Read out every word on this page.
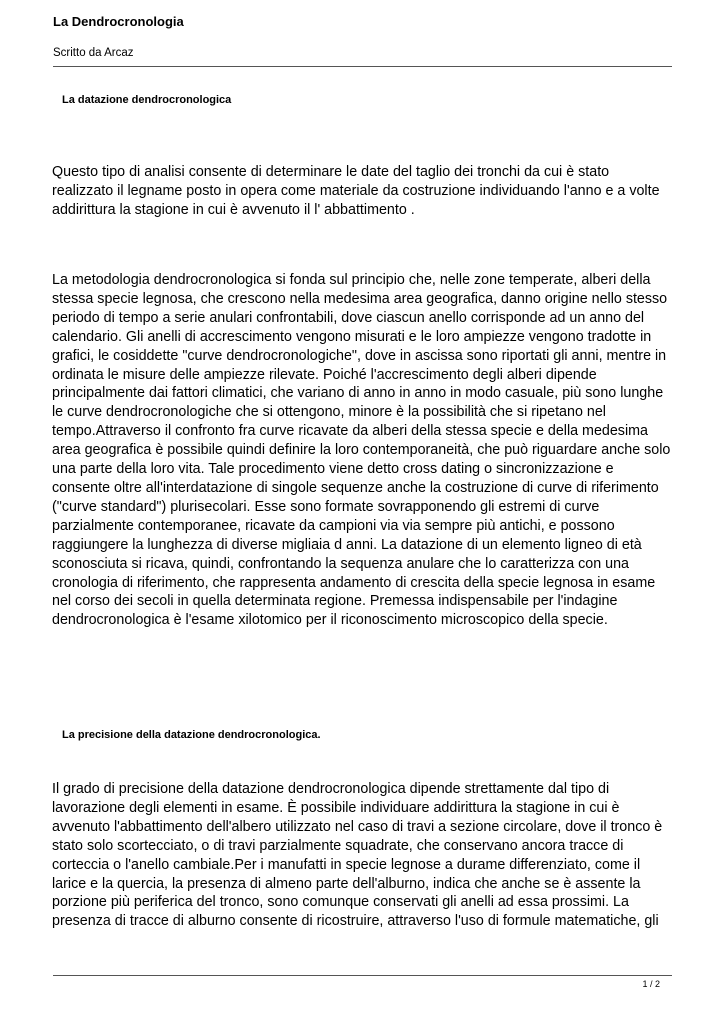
La Dendrocronologia
Scritto da Arcaz
La datazione dendrocronologica

Questo tipo di analisi consente di determinare le date del taglio dei tronchi da cui è stato realizzato il legname posto in opera come materiale da costruzione individuando l'anno e a volte addirittura la stagione in cui è avvenuto il l' abbattimento .

La metodologia dendrocronologica si fonda sul principio che, nelle zone temperate, alberi della stessa specie legnosa, che crescono nella medesima area geografica, danno origine nello stesso periodo di tempo a serie anulari confrontabili, dove ciascun anello corrisponde ad un anno del calendario. Gli anelli di accrescimento vengono misurati e le loro ampiezze vengono tradotte in grafici, le cosiddette "curve dendrocronologiche", dove in ascissa sono riportati gli anni, mentre in ordinata le misure delle ampiezze rilevate. Poiché l'accrescimento degli alberi dipende principalmente dai fattori climatici, che variano di anno in anno in modo casuale, più sono lunghe le curve dendrocronologiche che si ottengono, minore è la possibilità che si ripetano nel tempo.Attraverso il confronto fra curve ricavate da alberi della stessa specie e della medesima area geografica è possibile quindi definire la loro contemporaneità, che può riguardare anche solo una parte della loro vita. Tale procedimento viene detto cross dating o sincronizzazione e consente oltre all'interdatazione di singole sequenze anche la costruzione di curve di riferimento ("curve standard") plurisecolari. Esse sono formate sovrapponendo gli estremi di curve parzialmente contemporanee, ricavate da campioni via via sempre più antichi, e possono raggiungere la lunghezza di diverse migliaia d anni. La datazione di un elemento ligneo di età sconosciuta si ricava, quindi, confrontando la sequenza anulare che lo caratterizza con una cronologia di riferimento, che rappresenta andamento di crescita della specie legnosa in esame nel corso dei secoli in quella determinata regione. Premessa indispensabile per l'indagine dendrocronologica è l'esame xilotomico per il riconoscimento microscopico della specie.

La precisione della datazione dendrocronologica.

Il grado di precisione della datazione dendrocronologica dipende strettamente dal tipo di lavorazione degli elementi in esame. È possibile individuare addirittura la stagione in cui è avvenuto l'abbattimento dell'albero utilizzato nel caso di travi a sezione circolare, dove il tronco è stato solo scortecciato, o di travi parzialmente squadrate, che conservano ancora tracce di corteccia o l'anello cambiale.Per i manufatti in specie legnose a durame differenziato, come il larice e la quercia, la presenza di almeno parte dell'alburno, indica che anche se è assente la porzione più periferica del tronco, sono comunque conservati gli anelli ad essa prossimi. La presenza di tracce di alburno consente di ricostruire, attraverso l'uso di formule matematiche, gli

1 / 2
